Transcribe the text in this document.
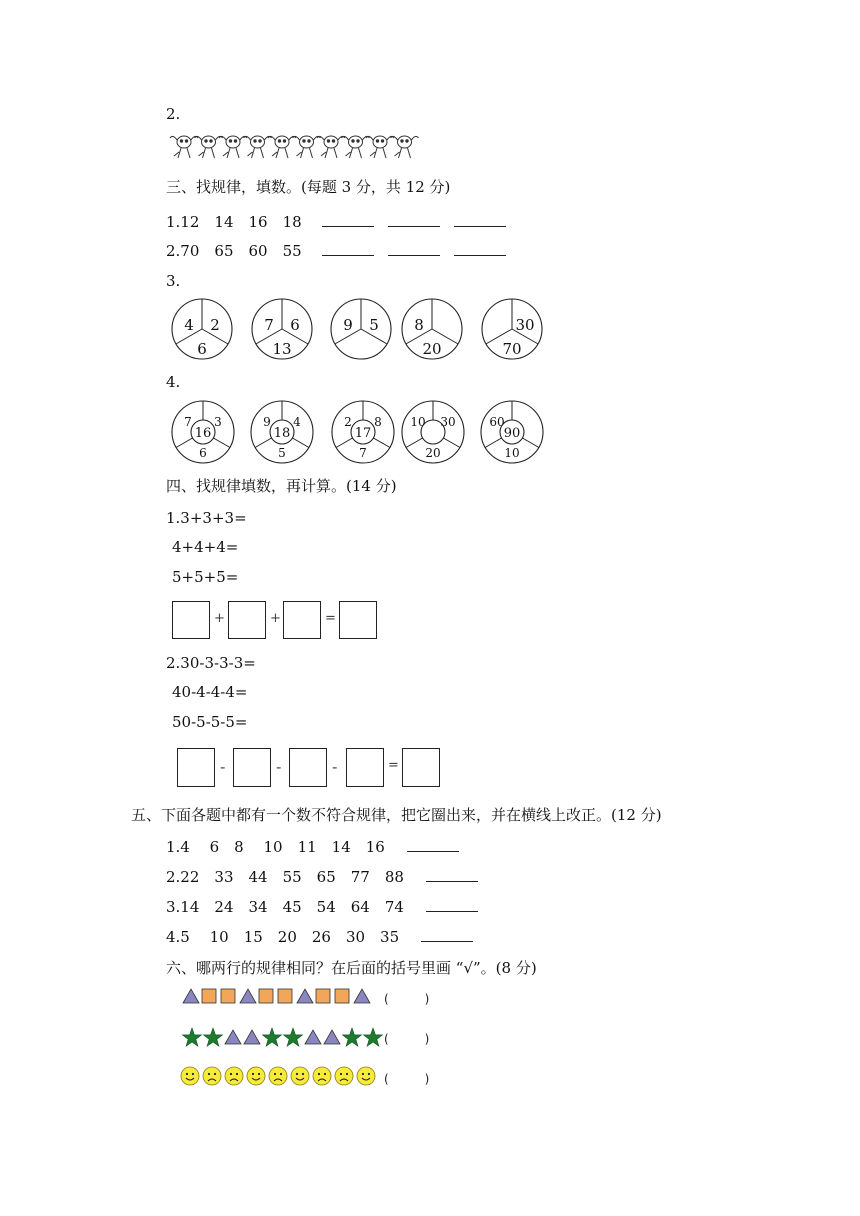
2.
三、找规律，填数。(每题 3 分，共 12 分)
1.12　14　16　18
2.70　65　60　55
3.
4 2
6
7 6
13
9 5 8
20
30
70
4.
7 3
16
6
9 4
18
5
2 8
17
7
10 30
20
60
90
10
四、找规律填数，再计算。(14 分)
1.3+3+3=
4+4+4=
5+5+5=
+	+	=
2.30-3-3-3=
40-4-4-4=
50-5-5-5=
-	-	-	=
五、下面各题中都有一个数不符合规律，把它圈出来，并在横线上改正。(12 分)
1.4　 6　8　 10　11　14　16
2.22　33　44　55　65　77　88
3.14　24　34　45　54　64　74
4.5　 10　15　20　26　30　35
六、哪两行的规律相同？在后面的括号里画 “√”。(8 分)
(　　　)
(　　　)
(　　　)
